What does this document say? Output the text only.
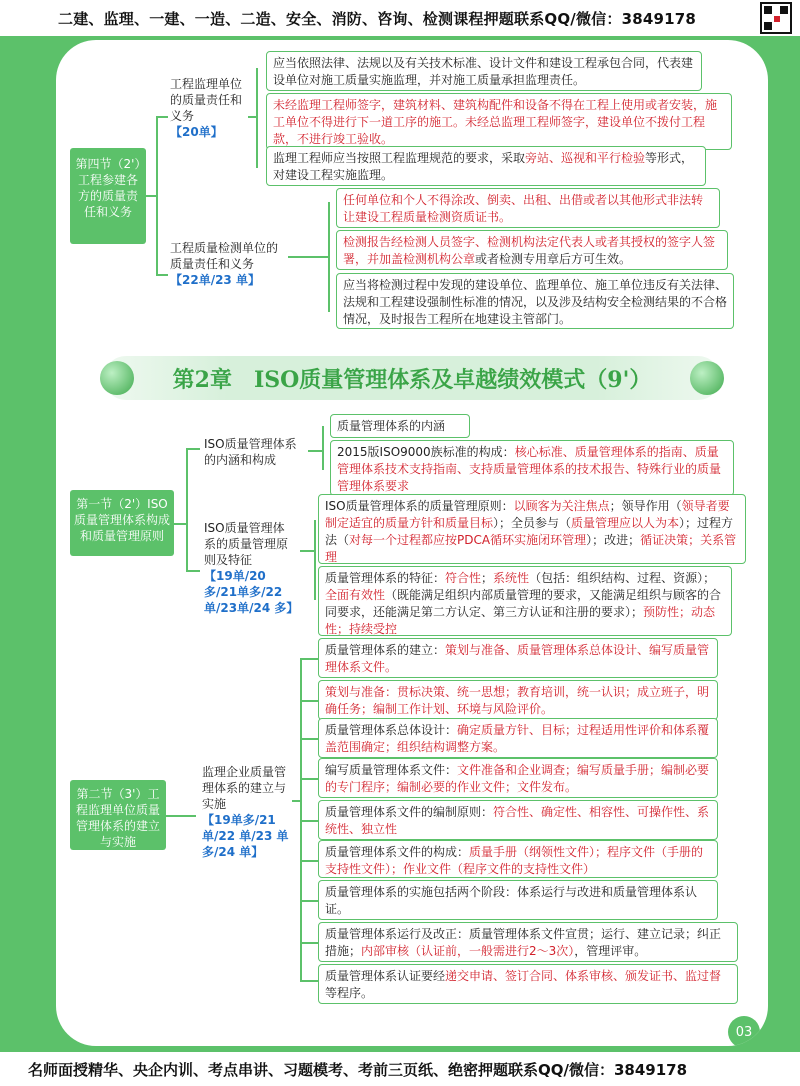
二建、监理、一建、一造、二造、安全、消防、咨询、检测课程押题联系QQ/微信：3849178
第四节（2'）工程参建各方的质量责任和义务
工程监理单位的质量责任和义务
【20单】
应当依照法律、法规以及有关技术标准、设计文件和建设工程承包合同，代表建设单位对施工质量实施监理，并对施工质量承担监理责任。
未经监理工程师签字，建筑材料、建筑构配件和设备不得在工程上使用或者安装，施工单位不得进行下一道工序的施工。未经总监理工程师签字，建设单位不拨付工程款，不进行竣工验收。
监理工程师应当按照工程监理规范的要求，采取旁站、巡视和平行检验等形式，对建设工程实施监理。
工程质量检测单位的质量责任和义务
【22单/23 单】
任何单位和个人不得涂改、倒卖、出租、出借或者以其他形式非法转让建设工程质量检测资质证书。
检测报告经检测人员签字、检测机构法定代表人或者其授权的签字人签署，并加盖检测机构公章或者检测专用章后方可生效。
应当将检测过程中发现的建设单位、监理单位、施工单位违反有关法律、法规和工程建设强制性标准的情况，以及涉及结构安全检测结果的不合格情况，及时报告工程所在地建设主管部门。
第2章　ISO质量管理体系及卓越绩效模式（9'）
第一节（2'）ISO质量管理体系构成和质量管理原则
ISO质量管理体系的内涵和构成
质量管理体系的内涵
2015版ISO9000族标准的构成：核心标准、质量管理体系的指南、质量管理体系技术支持指南、支持质量管理体系的技术报告、特殊行业的质量管理体系要求
ISO质量管理体系的质量管理原则及特征
【19单/20 多/21单多/22 单/23单/24 多】
ISO质量管理体系的质量管理原则：以顾客为关注焦点；领导作用（领导者要制定适宜的质量方针和质量目标）；全员参与（质量管理应以人为本）；过程方法（对每一个过程都应按PDCA循环实施闭环管理）；改进；循证决策；关系管理
质量管理体系的特征：符合性；系统性（包括：组织结构、过程、资源）；全面有效性（既能满足组织内部质量管理的要求，又能满足组织与顾客的合同要求，还能满足第二方认定、第三方认证和注册的要求）；预防性；动态性；持续受控
第二节（3'）工程监理单位质量管理体系的建立与实施
监理企业质量管理体系的建立与实施
【19单多/21单/22 单/23 单多/24 单】
质量管理体系的建立：策划与准备、质量管理体系总体设计、编写质量管理体系文件。
策划与准备：贯标决策、统一思想；教育培训，统一认识；成立班子，明确任务；编制工作计划、环境与风险评价。
质量管理体系总体设计：确定质量方针、目标；过程适用性评价和体系覆盖范围确定；组织结构调整方案。
编写质量管理体系文件：文件准备和企业调查；编写质量手册；编制必要的专门程序；编制必要的作业文件；文件发布。
质量管理体系文件的编制原则：符合性、确定性、相容性、可操作性、系统性、独立性
质量管理体系文件的构成：质量手册（纲领性文件）；程序文件（手册的支持性文件）；作业文件（程序文件的支持性文件）
质量管理体系的实施包括两个阶段：体系运行与改进和质量管理体系认证。
质量管理体系运行及改正：质量管理体系文件宣贯；运行、建立记录；纠正措施；内部审核（认证前，一般需进行2～3次），管理评审。
质量管理体系认证要经递交申请、签订合同、体系审核、颁发证书、监过督等程序。
03
名师面授精华、央企内训、考点串讲、习题模考、考前三页纸、绝密押题联系QQ/微信：3849178
